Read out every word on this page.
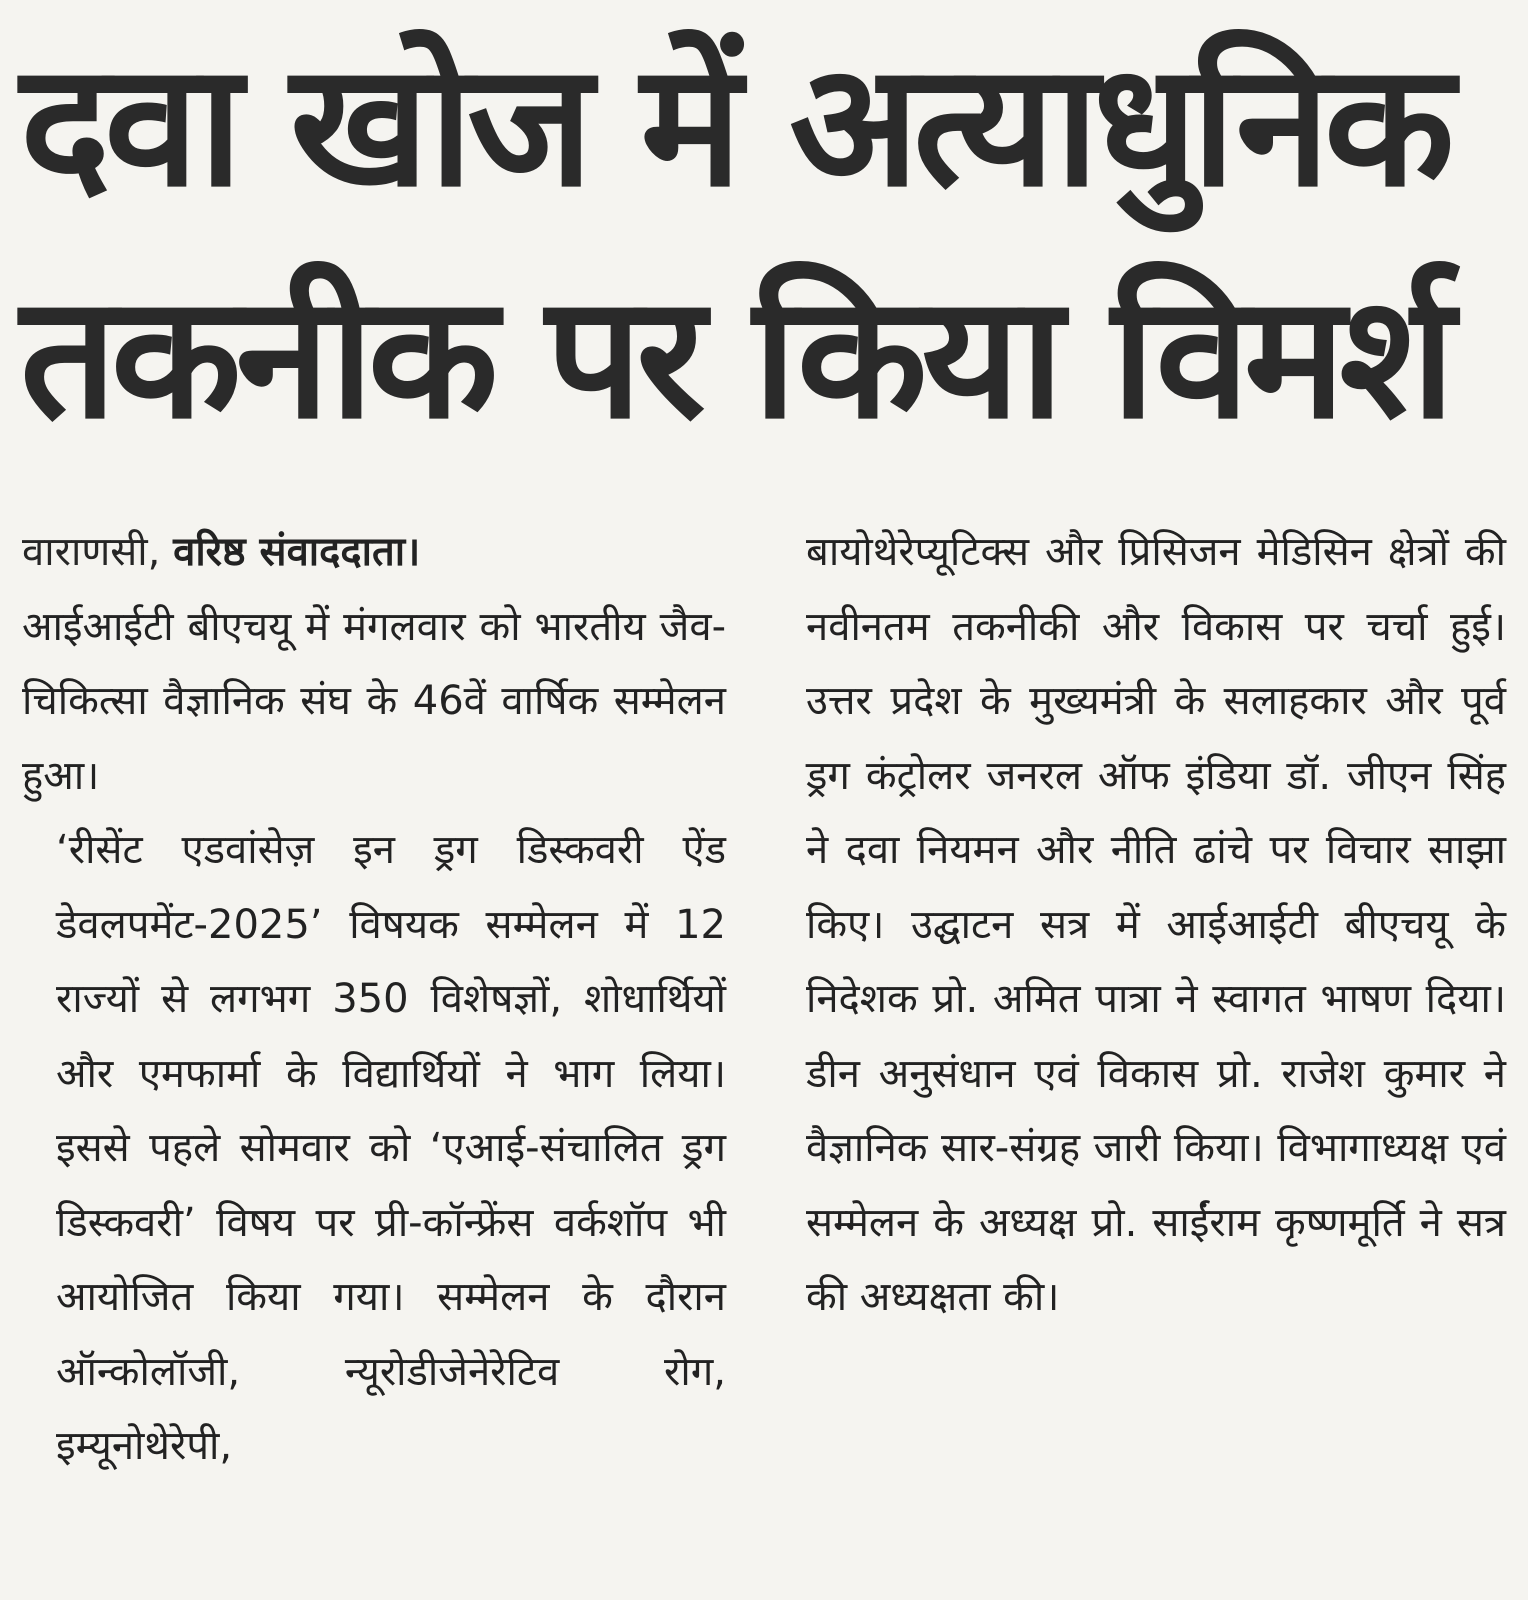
दवा खोज में अत्याधुनिक
तकनीक पर किया विमर्श

वाराणसी, वरिष्ठ संवाददाता।

आईआईटी बीएचयू में मंगलवार को भारतीय जैव-चिकित्सा वैज्ञानिक संघ के 46वें वार्षिक सम्मेलन हुआ।

‘रीसेंट एडवांसेज़ इन ड्रग डिस्कवरी ऐंड डेवलपमेंट-2025’ विषयक सम्मेलन में 12 राज्यों से लगभग 350 विशेषज्ञों, शोधार्थियों और एमफार्मा के विद्यार्थियों ने भाग लिया। इससे पहले सोमवार को ‘एआई-संचालित ड्रग डिस्कवरी’ विषय पर प्री-कॉन्फ्रेंस वर्कशॉप भी आयोजित किया गया। सम्मेलन के दौरान ऑन्कोलॉजी, न्यूरोडीजेनेरेटिव रोग, इम्यूनोथेरेपी,

बायोथेरेप्यूटिक्स और प्रिसिजन मेडिसिन क्षेत्रों की नवीनतम तकनीकी और विकास पर चर्चा हुई। उत्तर प्रदेश के मुख्यमंत्री के सलाहकार और पूर्व ड्रग कंट्रोलर जनरल ऑफ इंडिया डॉ. जीएन सिंह ने दवा नियमन और नीति ढांचे पर विचार साझा किए। उद्घाटन सत्र में आईआईटी बीएचयू के निदेशक प्रो. अमित पात्रा ने स्वागत भाषण दिया। डीन अनुसंधान एवं विकास प्रो. राजेश कुमार ने वैज्ञानिक सार-संग्रह जारी किया। विभागाध्यक्ष एवं सम्मेलन के अध्यक्ष प्रो. साईंराम कृष्णमूर्ति ने सत्र की अध्यक्षता की।
